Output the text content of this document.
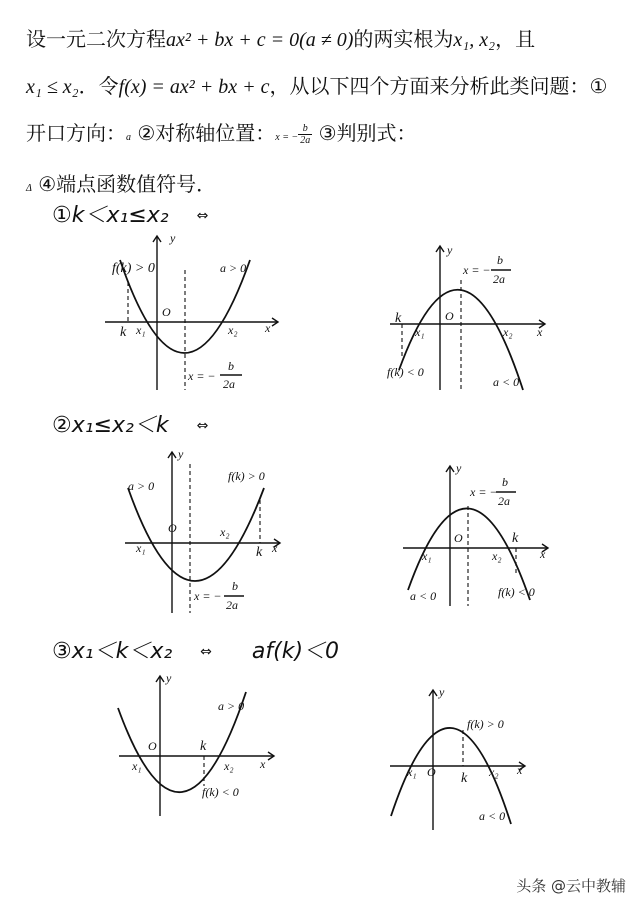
设一元二次方程ax² + bx + c = 0(a ≠ 0)的两实根为x₁, x₂，且
x₁ ≤ x₂．令f(x) = ax² + bx + c，从以下四个方面来分析此类问题：①开口方向：a ②对称轴位置：x = − $\frac{b}{2a}$ ③判别式：
Δ ④端点函数值符号．

①k＜x₁≤x₂ ⇔
②x₁≤x₂＜k ⇔
③x₁＜k＜x₂ ⇔ af(k)＜0
f(k) > 0	a > 0
y
O
k x₁	x₂ x
x = −
b
2a
y
x = −
b
2a
k
x₁
O
x₂ x
f(k) < 0
a < 0
y
a > 0
f(k) > 0
O	x₂
x₁	k x
x = −
b
2a
y
x = −
b
2a
O	k
x₁	x₂	x
a < 0	f(k) < 0
y
a > 0
O	k
x₁	x₂ x
f(k) < 0
y
f(k) > 0
x₁ O k x₂ x
a < 0
头条 @云中教辅
